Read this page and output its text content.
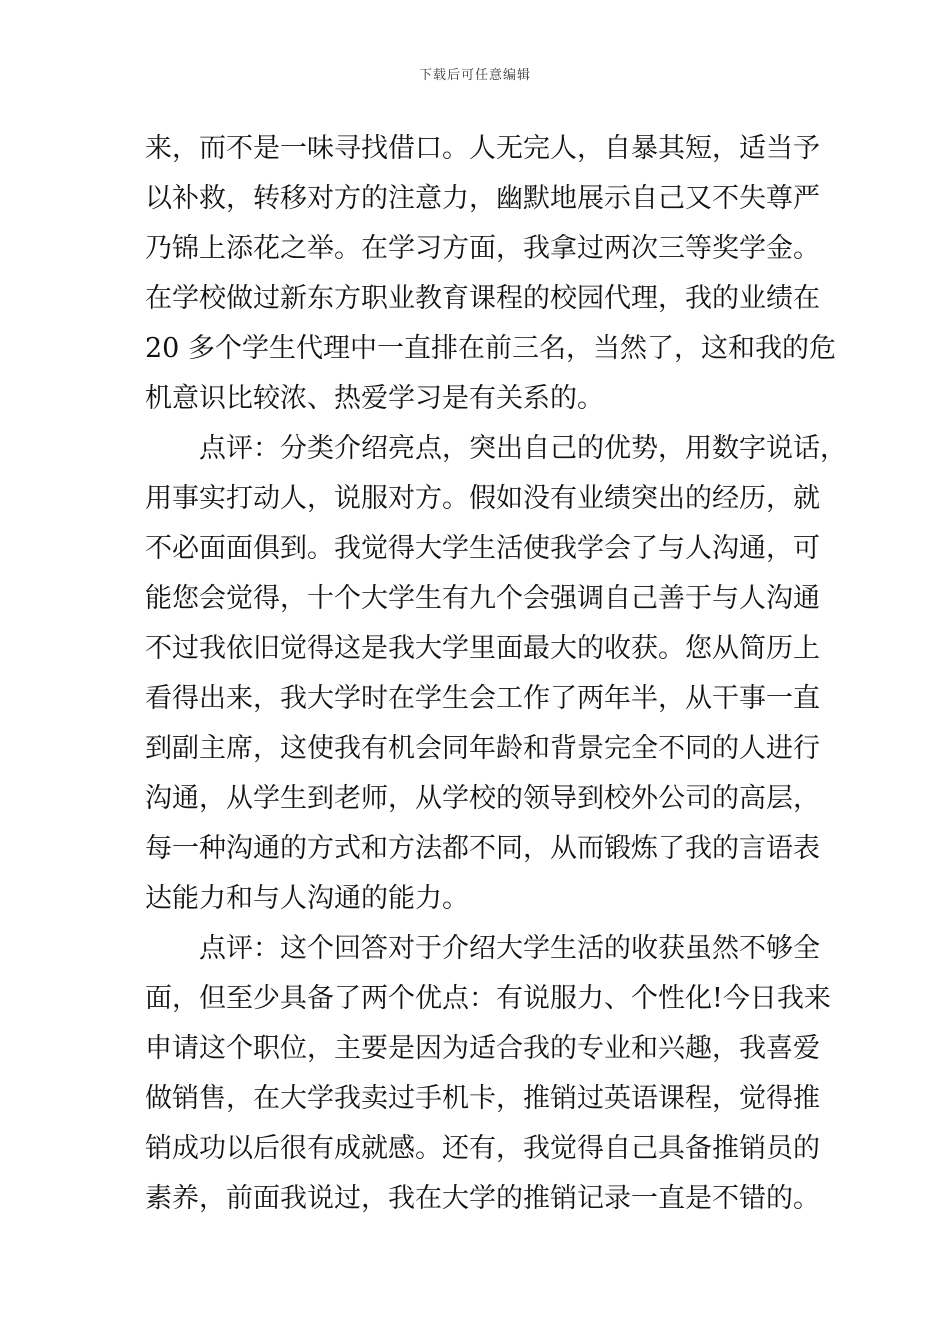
下载后可任意编辑
来，而不是一味寻找借口。人无完人，自暴其短，适当予
以补救，转移对方的注意力，幽默地展示自己又不失尊严
乃锦上添花之举。在学习方面，我拿过两次三等奖学金。
在学校做过新东方职业教育课程的校园代理，我的业绩在
20 多个学生代理中一直排在前三名，当然了，这和我的危
机意识比较浓、热爱学习是有关系的。
点评：分类介绍亮点，突出自己的优势，用数字说话，
用事实打动人，说服对方。假如没有业绩突出的经历，就
不必面面俱到。我觉得大学生活使我学会了与人沟通，可
能您会觉得，十个大学生有九个会强调自己善于与人沟通
不过我依旧觉得这是我大学里面最大的收获。您从简历上
看得出来，我大学时在学生会工作了两年半，从干事一直
到副主席，这使我有机会同年龄和背景完全不同的人进行
沟通，从学生到老师，从学校的领导到校外公司的高层，
每一种沟通的方式和方法都不同，从而锻炼了我的言语表
达能力和与人沟通的能力。
点评：这个回答对于介绍大学生活的收获虽然不够全
面，但至少具备了两个优点：有说服力、个性化!今日我来
申请这个职位，主要是因为适合我的专业和兴趣，我喜爱
做销售，在大学我卖过手机卡，推销过英语课程，觉得推
销成功以后很有成就感。还有，我觉得自己具备推销员的
素养，前面我说过，我在大学的推销记录一直是不错的。
